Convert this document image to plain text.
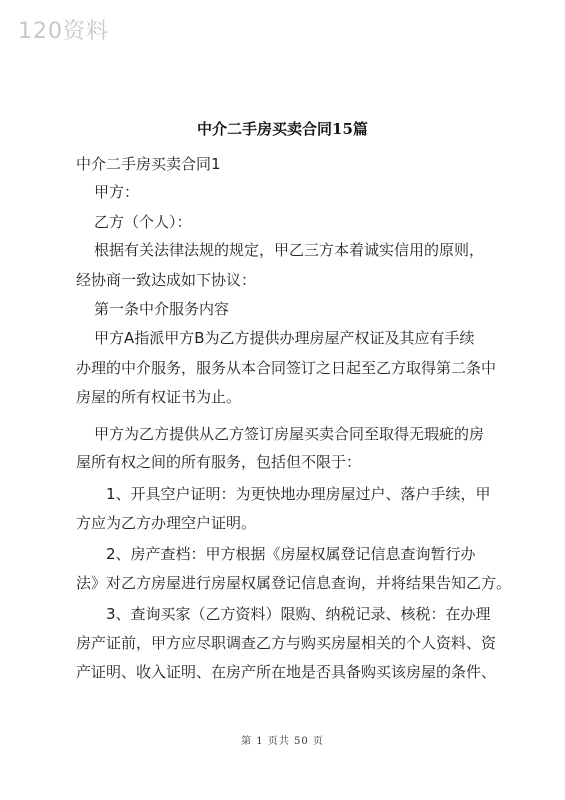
120资料
中介二手房买卖合同15篇
中介二手房买卖合同1
甲方：
乙方（个人）：
根据有关法律法规的规定，甲乙三方本着诚实信用的原则，
经协商一致达成如下协议：
第一条中介服务内容
甲方A指派甲方B为乙方提供办理房屋产权证及其应有手续
办理的中介服务，服务从本合同签订之日起至乙方取得第二条中
房屋的所有权证书为止。
甲方为乙方提供从乙方签订房屋买卖合同至取得无瑕疵的房
屋所有权之间的所有服务，包括但不限于：
1、开具空户证明：为更快地办理房屋过户、落户手续，甲
方应为乙方办理空户证明。
2、房产查档：甲方根据《房屋权属登记信息查询暂行办
法》对乙方房屋进行房屋权属登记信息查询，并将结果告知乙方。
3、查询买家（乙方资料）限购、纳税记录、核税：在办理
房产证前，甲方应尽职调查乙方与购买房屋相关的个人资料、资
产证明、收入证明、在房产所在地是否具备购买该房屋的条件、
第 1 页共 50 页
